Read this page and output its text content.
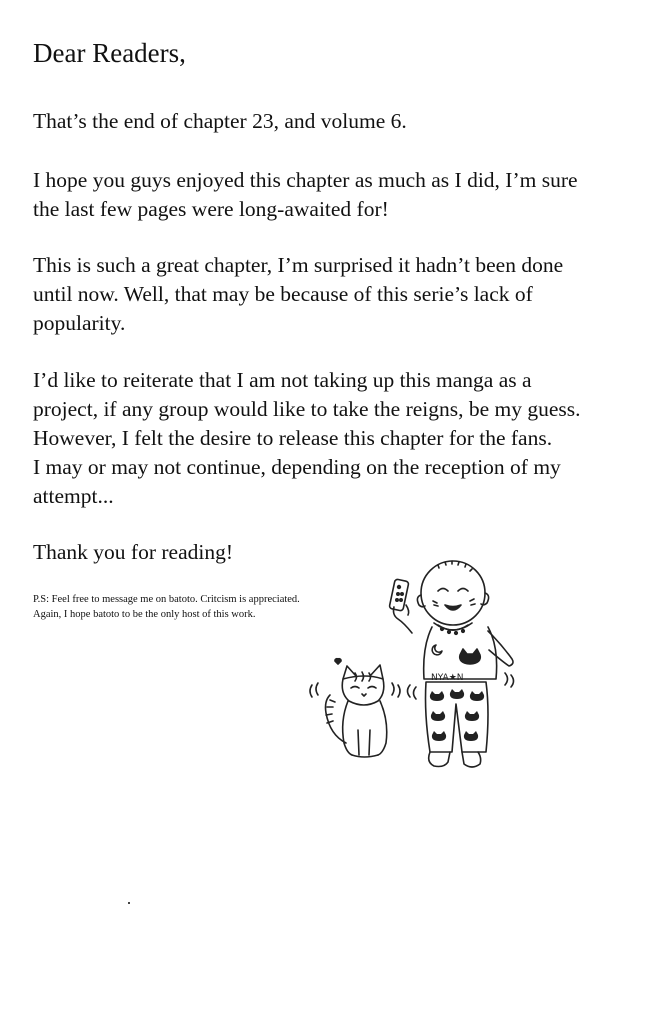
Dear Readers,
That’s the end of chapter 23, and volume 6.
I hope you guys enjoyed this chapter as much as I did, I’m sure
the last few pages were long-awaited for!
This is such a great chapter, I’m surprised it hadn’t been done
until now. Well, that may be because of this serie’s lack of
popularity.
I’d like to reiterate that I am not taking up this manga as a
project, if any group would like to take the reigns, be my guess.
However, I felt the desire to release this chapter for the fans.
I may or may not continue, depending on the reception of my
attempt...
Thank you for reading!
P.S: Feel free to message me on batoto. Critcism is appreciated.
Again, I hope batoto to be the only host of this work.
NYA★N
